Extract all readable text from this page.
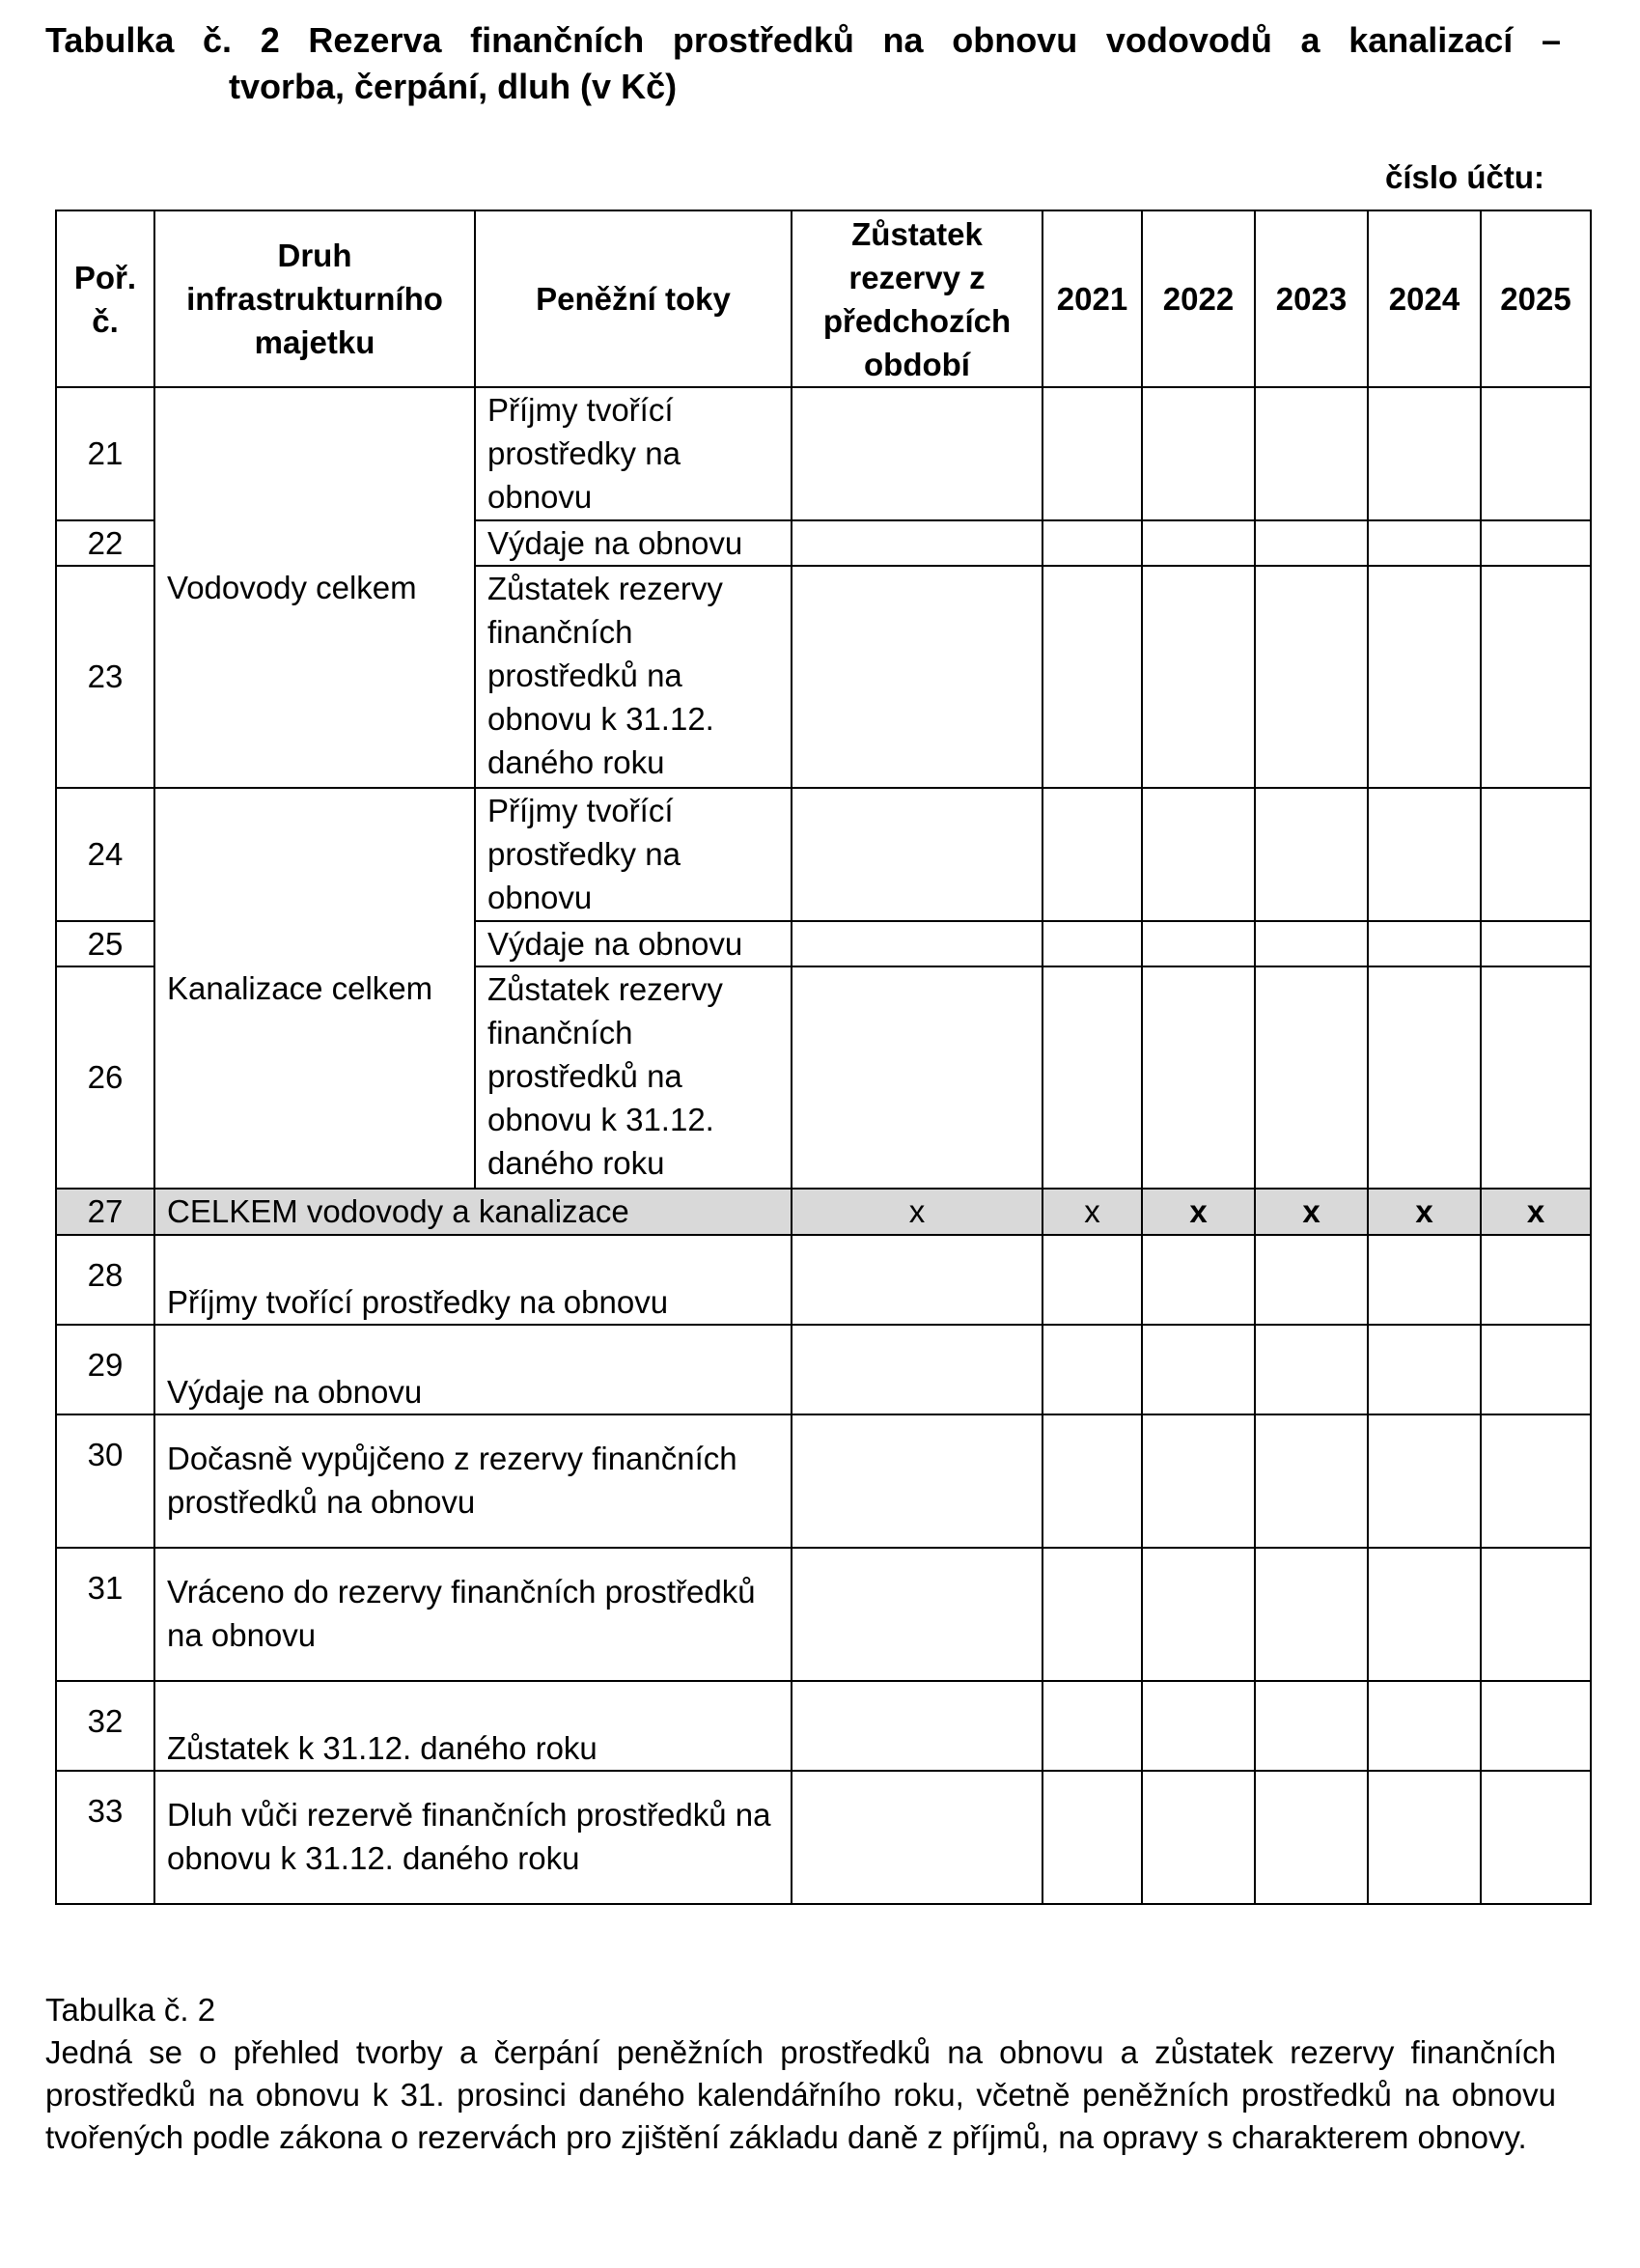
Tabulka č. 2 Rezerva finančních prostředků na obnovu vodovodů a kanalizací –
tvorba, čerpání, dluh (v Kč)
číslo účtu:
Poř. č.	Druh infrastrukturního majetku	Peněžní toky	Zůstatek rezervy z předchozích období	2021	2022	2023	2024	2025
21	Vodovody celkem	Příjmy tvořící prostředky na obnovu						
22		Výdaje na obnovu						
23		Zůstatek rezervy finančních prostředků na obnovu k 31.12. daného roku						
24	Kanalizace celkem	Příjmy tvořící prostředky na obnovu						
25		Výdaje na obnovu						
26		Zůstatek rezervy finančních prostředků na obnovu k 31.12. daného roku						
27	CELKEM vodovody a kanalizace		x	x	x	x	x	x
28	Příjmy tvořící prostředky na obnovu							
29	Výdaje na obnovu							
30	Dočasně vypůjčeno z rezervy finančních prostředků na obnovu							
31	Vráceno do rezervy finančních prostředků na obnovu							
32	Zůstatek k 31.12. daného roku							
33	Dluh vůči rezervě finančních prostředků na obnovu k 31.12. daného roku							
Tabulka č. 2
Jedná se o přehled tvorby a čerpání peněžních prostředků na obnovu a zůstatek rezervy finančních prostředků na obnovu k 31. prosinci daného kalendářního roku, včetně peněžních prostředků na obnovu tvořených podle zákona o rezervách pro zjištění základu daně z příjmů, na opravy s charakterem obnovy.
